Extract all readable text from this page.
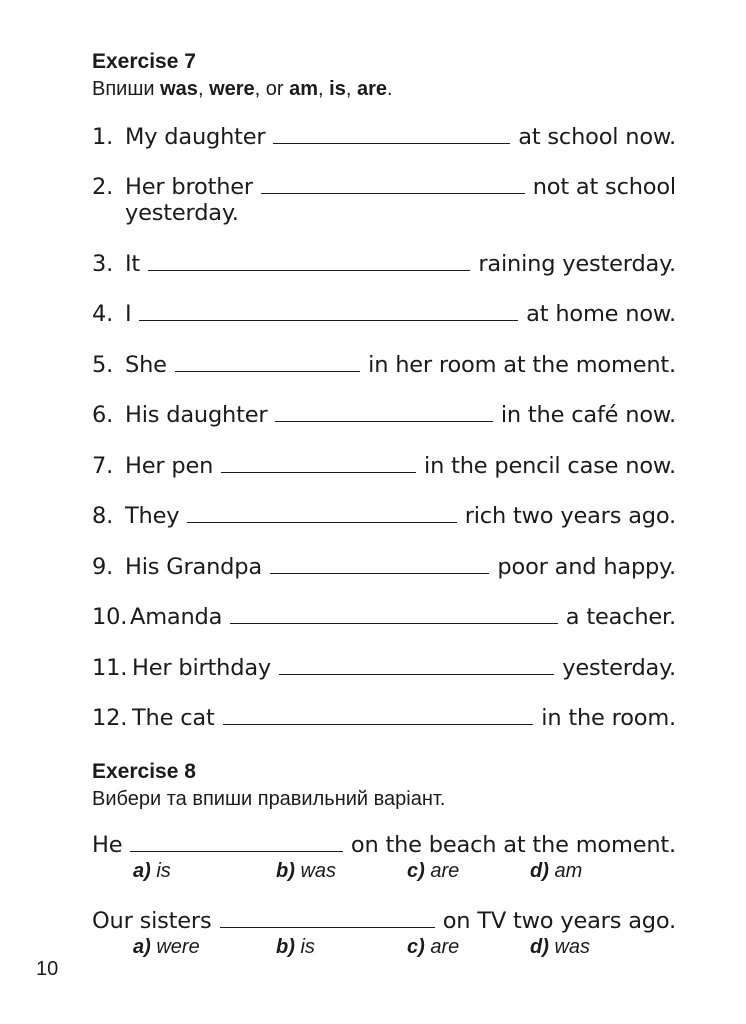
Exercise 7
Впиши was, were, or am, is, are.
1. My daughter	at school now.
2. Her brother	not at school
yesterday.
3. It	raining yesterday.
4. I	at home now.
5. She	in her room at the moment.
6. His daughter	in the café now.
7. Her pen	in the pencil case now.
8. They	rich two years ago.
9. His Grandpa	poor and happy.
10. Amanda	a teacher.
11. Her birthday	yesterday.
12. The cat	in the room.
Exercise 8
Вибери та впиши правильний варіант.
He	on the beach at the moment.
a) is	b) was	c) are	d) am
Our sisters	on TV two years ago.
a) were	b) is	c) are	d) was
10
